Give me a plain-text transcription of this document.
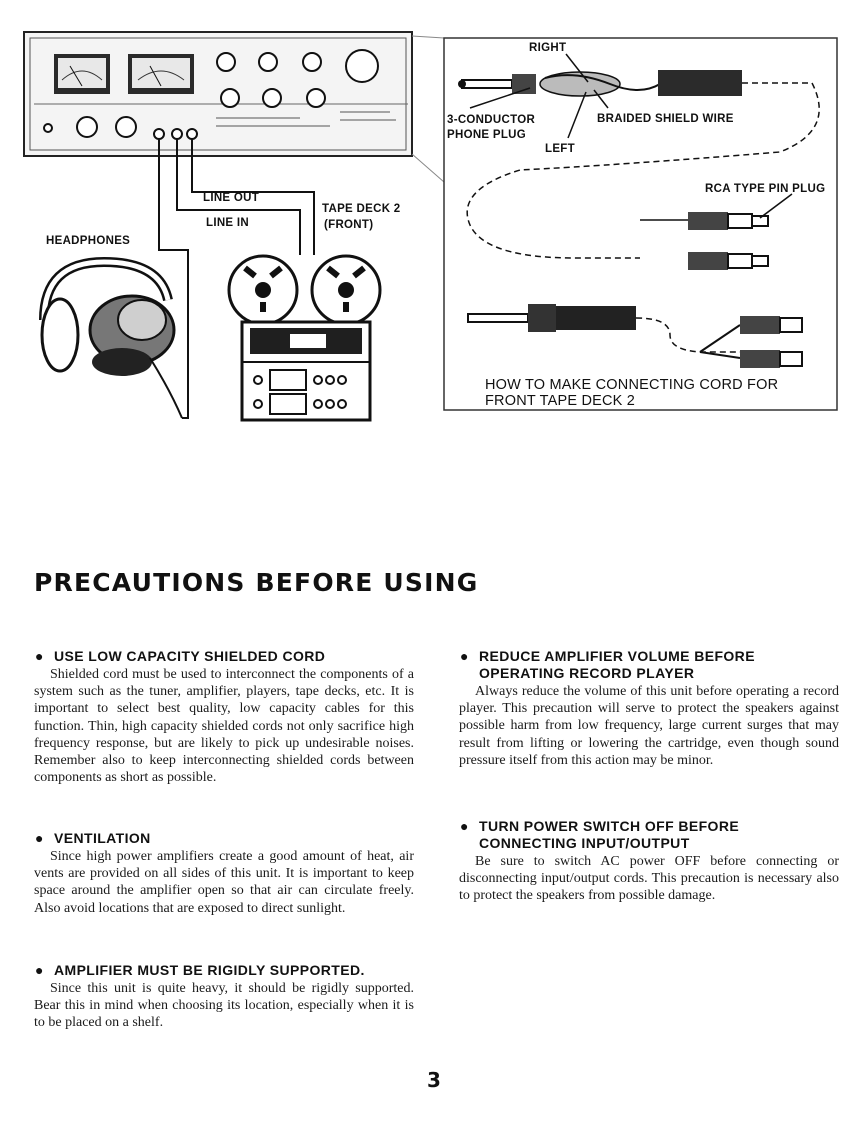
RIGHT
3-CONDUCTOR
PHONE PLUG
BRAIDED SHIELD WIRE
LEFT
RCA TYPE PIN PLUG
LINE OUT
LINE IN
TAPE DECK 2
(FRONT)
HEADPHONES
HOW TO MAKE CONNECTING CORD FOR
FRONT TAPE DECK 2
PRECAUTIONS BEFORE USING
● USE LOW CAPACITY SHIELDED CORD
Shielded cord must be used to interconnect the components of a system such as the tuner, amplifier, players, tape decks, etc. It is important to select best quality, low capacity cables for this function. Thin, high capacity shielded cords not only sacrifice high frequency response, but are likely to pick up undesirable noises. Remember also to keep interconnecting shielded cords between components as short as possible.
● VENTILATION
Since high power amplifiers create a good amount of heat, air vents are provided on all sides of this unit. It is important to keep space around the amplifier open so that air can circulate freely. Also avoid locations that are exposed to direct sunlight.
● AMPLIFIER MUST BE RIGIDLY SUPPORTED.
Since this unit is quite heavy, it should be rigidly supported. Bear this in mind when choosing its location, especially when it is to be placed on a shelf.
● REDUCE AMPLIFIER VOLUME BEFORE OPERATING RECORD PLAYER
Always reduce the volume of this unit before operating a record player. This precaution will serve to protect the speakers against possible harm from low frequency, large current surges that may result from lifting or lowering the cartridge, even though sound pressure itself from this action may be minor.
● TURN POWER SWITCH OFF BEFORE CONNECTING INPUT/OUTPUT
Be sure to switch AC power OFF before connecting or disconnecting input/output cords. This precaution is necessary also to protect the speakers from possible damage.
3
